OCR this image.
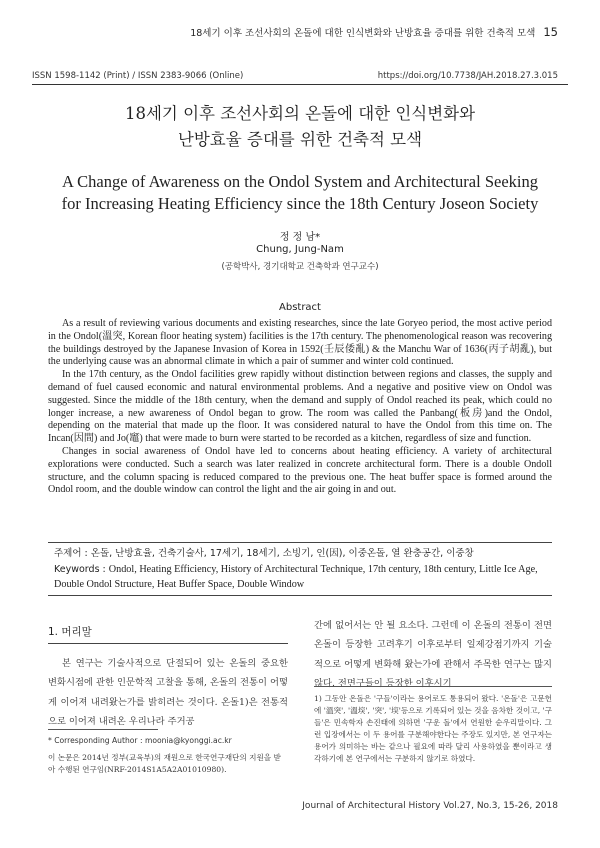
18세기 이후 조선사회의 온돌에 대한 인식변화와 난방효율 증대를 위한 건축적 모색 15
ISSN 1598-1142 (Print) / ISSN 2383-9066 (Online)	https://doi.org/10.7738/JAH.2018.27.3.015
18세기 이후 조선사회의 온돌에 대한 인식변화와
난방효율 증대를 위한 건축적 모색
A Change of Awareness on the Ondol System and Architectural Seeking
for Increasing Heating Efficiency since the 18th Century Joseon Society
정 정 남*
Chung, Jung-Nam
(공학박사, 경기대학교 건축학과 연구교수)
Abstract

As a result of reviewing various documents and existing researches, since the late Goryeo period, the most active period in the Ondol(溫突, Korean floor heating system) facilities is the 17th century. The phenomenological reason was recovering the buildings destroyed by the Japanese Invasion of Korea in 1592(壬辰倭亂) & the Manchu War of 1636(丙子胡亂), but the underlying cause was an abnormal climate in which a pair of summer and winter cold continued.

In the 17th century, as the Ondol facilities grew rapidly without distinction between regions and classes, the supply and demand of fuel caused economic and natural environmental problems. And a negative and positive view on Ondol was suggested. Since the middle of the 18th century, when the demand and supply of Ondol reached its peak, which could no longer increase, a new awareness of Ondol began to grow. The room was called the Panbang(板房)and the Ondol, depending on the material that made up the floor. It was considered natural to have the Ondol from this time on. The Incan(因間) and Jo(竈) that were made to burn were started to be recorded as a kitchen, regardless of size and function.

Changes in social awareness of Ondol have led to concerns about heating efficiency. A variety of architectural explorations were conducted. Such a search was later realized in concrete architectural form. There is a double Ondoll structure, and the column spacing is reduced compared to the previous one. The heat buffer space is formed around the Ondol room, and the double window can control the light and the air going in and out.

주제어 : 온돌, 난방효율, 건축기술사, 17세기, 18세기, 소빙기, 인(因), 이중온돌, 열 완충공간, 이중창
Keywords : Ondol, Heating Efficiency, History of Architectural Technique, 17th century, 18th century, Little Ice Age, Double Ondol Structure, Heat Buffer Space, Double Window
1. 머리말
본 연구는 기술사적으로 단절되어 있는 온돌의 중요한 변화시점에 관한 인문학적 고찰을 통해, 온돌의 전통이 어떻게 이어져 내려왔는가를 밝히려는 것이다. 온돌1)은 전통적으로 이어져 내려온 우리나라 주거공
* Corresponding Author : moonia@kyonggi.ac.kr
이 논문은 2014년 정부(교육부)의 재원으로 한국연구재단의 지원을 받아 수행된 연구임(NRF-2014S1A5A2A01010980).
간에 없어서는 안 될 요소다. 그런데 이 온돌의 전통이 전면온돌이 등장한 고려후기 이후로부터 일제강점기까지 기술적으로 어떻게 변화해 왔는가에 관해서 주목한 연구는 많지 않다. 전면구들이 등장한 이후시기
1) 그동안 온돌은 '구들'이라는 용어로도 통용되어 왔다. '온돌'은 고문헌에 '溫突', '溫堗', '突', '堗'등으로 기록되어 있는 것을 음차한 것이고, '구들'은 민속학자 손진태에 의하면 '구운 돌'에서 연원한 순우리말이다. 그런 입장에서는 이 두 용어를 구분해야한다는 주장도 있지만, 본 연구자는 용어가 의미하는 바는 같으나 필요에 따라 달리 사용하였을 뿐이라고 생각하기에 본 연구에서는 구분하지 않기로 하였다.
Journal of Architectural History Vol.27, No.3, 15-26, 2018
